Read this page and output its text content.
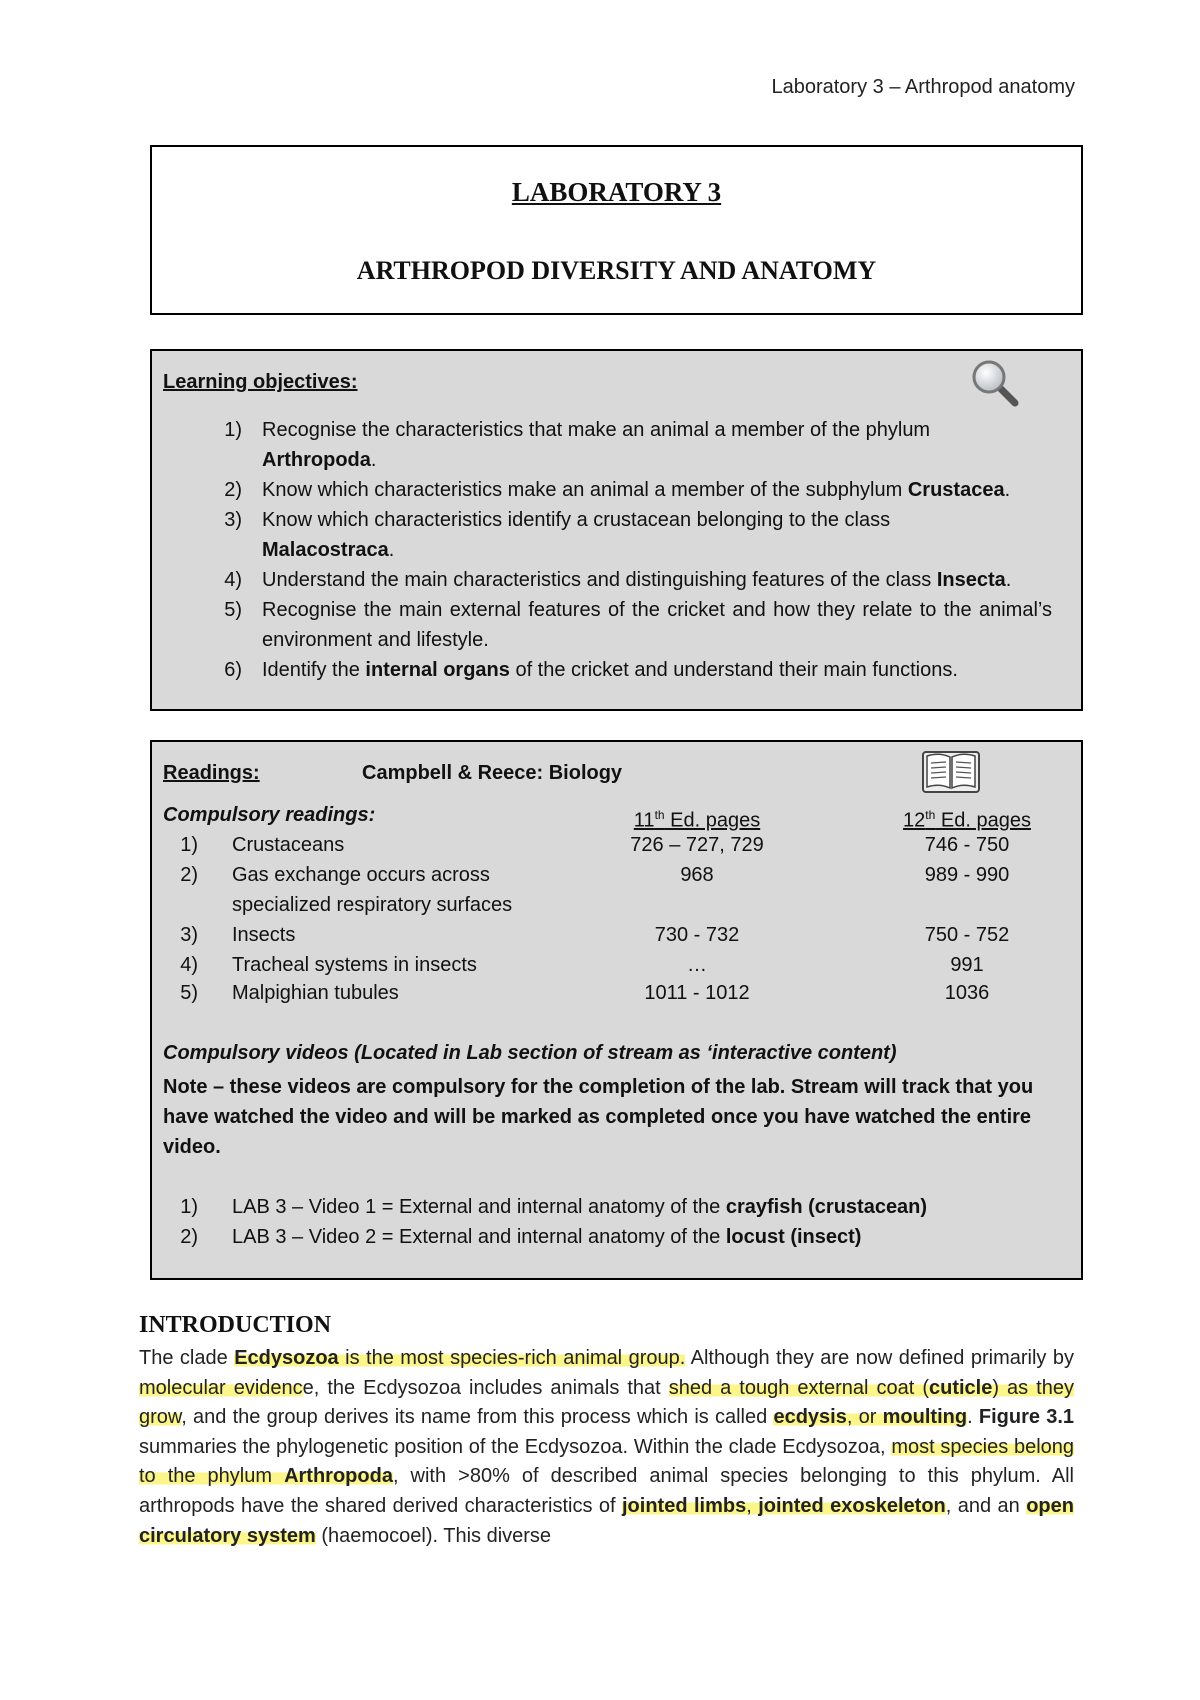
Laboratory 3 – Arthropod anatomy
LABORATORY 3
ARTHROPOD DIVERSITY AND ANATOMY
Learning objectives:
1)	Recognise the characteristics that make an animal a member of the phylum
Arthropoda.
2)	Know which characteristics make an animal a member of the subphylum Crustacea.
3)	Know which characteristics identify a crustacean belonging to the class
Malacostraca.
4)	Understand the main characteristics and distinguishing features of the class Insecta.
5)	Recognise the main external features of the cricket and how they relate to the animal’s environment and lifestyle.
6)	Identify the internal organs of the cricket and understand their main functions.
Readings:	Campbell & Reece: Biology
Compulsory readings:	11th Ed. pages	12th Ed. pages
1) Crustaceans	726 – 727, 729	746 - 750
2) Gas exchange occurs across	968	989 - 990
specialized respiratory surfaces
3) Insects	730 - 732	750 - 752
4) Tracheal systems in insects	…	991
5) Malpighian tubules	1011 - 1012	1036
Compulsory videos (Located in Lab section of stream as ‘interactive content)
Note – these videos are compulsory for the completion of the lab. Stream will track that you have watched the video and will be marked as completed once you have watched the entire video.
1) LAB 3 – Video 1 = External and internal anatomy of the crayfish (crustacean)
2) LAB 3 – Video 2 = External and internal anatomy of the locust (insect)
INTRODUCTION
The clade Ecdysozoa is the most species-rich animal group. Although they are now defined primarily by molecular evidence, the Ecdysozoa includes animals that shed a tough external coat (cuticle) as they grow, and the group derives its name from this process which is called ecdysis, or moulting. Figure 3.1 summaries the phylogenetic position of the Ecdysozoa. Within the clade Ecdysozoa, most species belong to the phylum Arthropoda, with >80% of described animal species belonging to this phylum. All arthropods have the shared derived characteristics of jointed limbs, jointed exoskeleton, and an open circulatory system (haemocoel). This diverse
